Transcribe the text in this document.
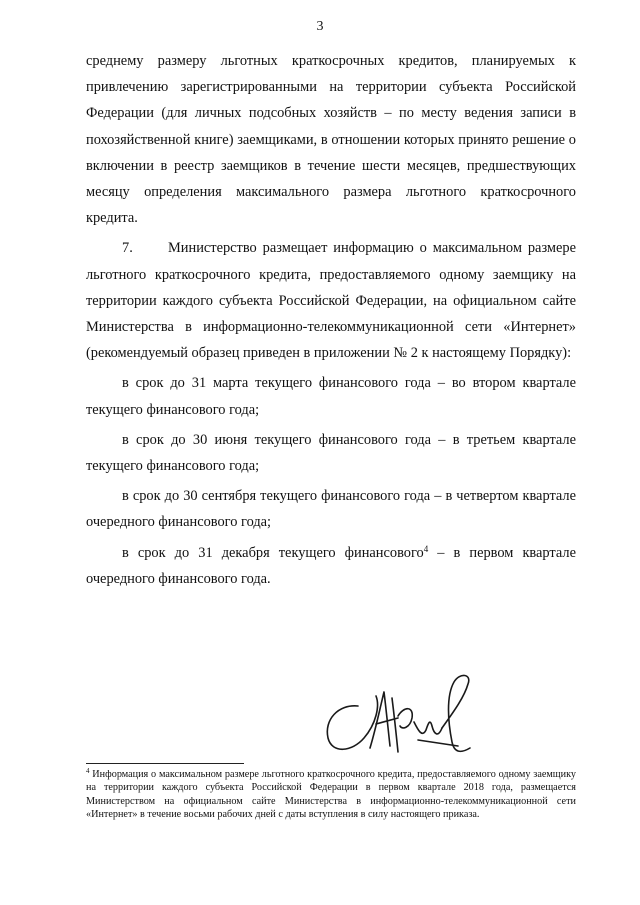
3

среднему размеру льготных краткосрочных кредитов, планируемых к привлечению зарегистрированными на территории субъекта Российской Федерации (для личных подсобных хозяйств – по месту ведения записи в похозяйственной книге) заемщиками, в отношении которых принято решение о включении в реестр заемщиков в течение шести месяцев, предшествующих месяцу определения максимального размера льготного краткосрочного кредита.

7. Министерство размещает информацию о максимальном размере льготного краткосрочного кредита, предоставляемого одному заемщику на территории каждого субъекта Российской Федерации, на официальном сайте Министерства в информационно-телекоммуникационной сети «Интернет» (рекомендуемый образец приведен в приложении № 2 к настоящему Порядку):

в срок до 31 марта текущего финансового года – во втором квартале текущего финансового года;

в срок до 30 июня текущего финансового года – в третьем квартале текущего финансового года;

в срок до 30 сентября текущего финансового года – в четвертом квартале очередного финансового года;

в срок до 31 декабря текущего финансового$^4$ – в первом квартале очередного финансового года.

$^4$ Информация о максимальном размере льготного краткосрочного кредита, предоставляемого одному заемщику на территории каждого субъекта Российской Федерации в первом квартале 2018 года, размещается Министерством на официальном сайте Министерства в информационно-телекоммуникационной сети «Интернет» в течение восьми рабочих дней с даты вступления в силу настоящего приказа.
